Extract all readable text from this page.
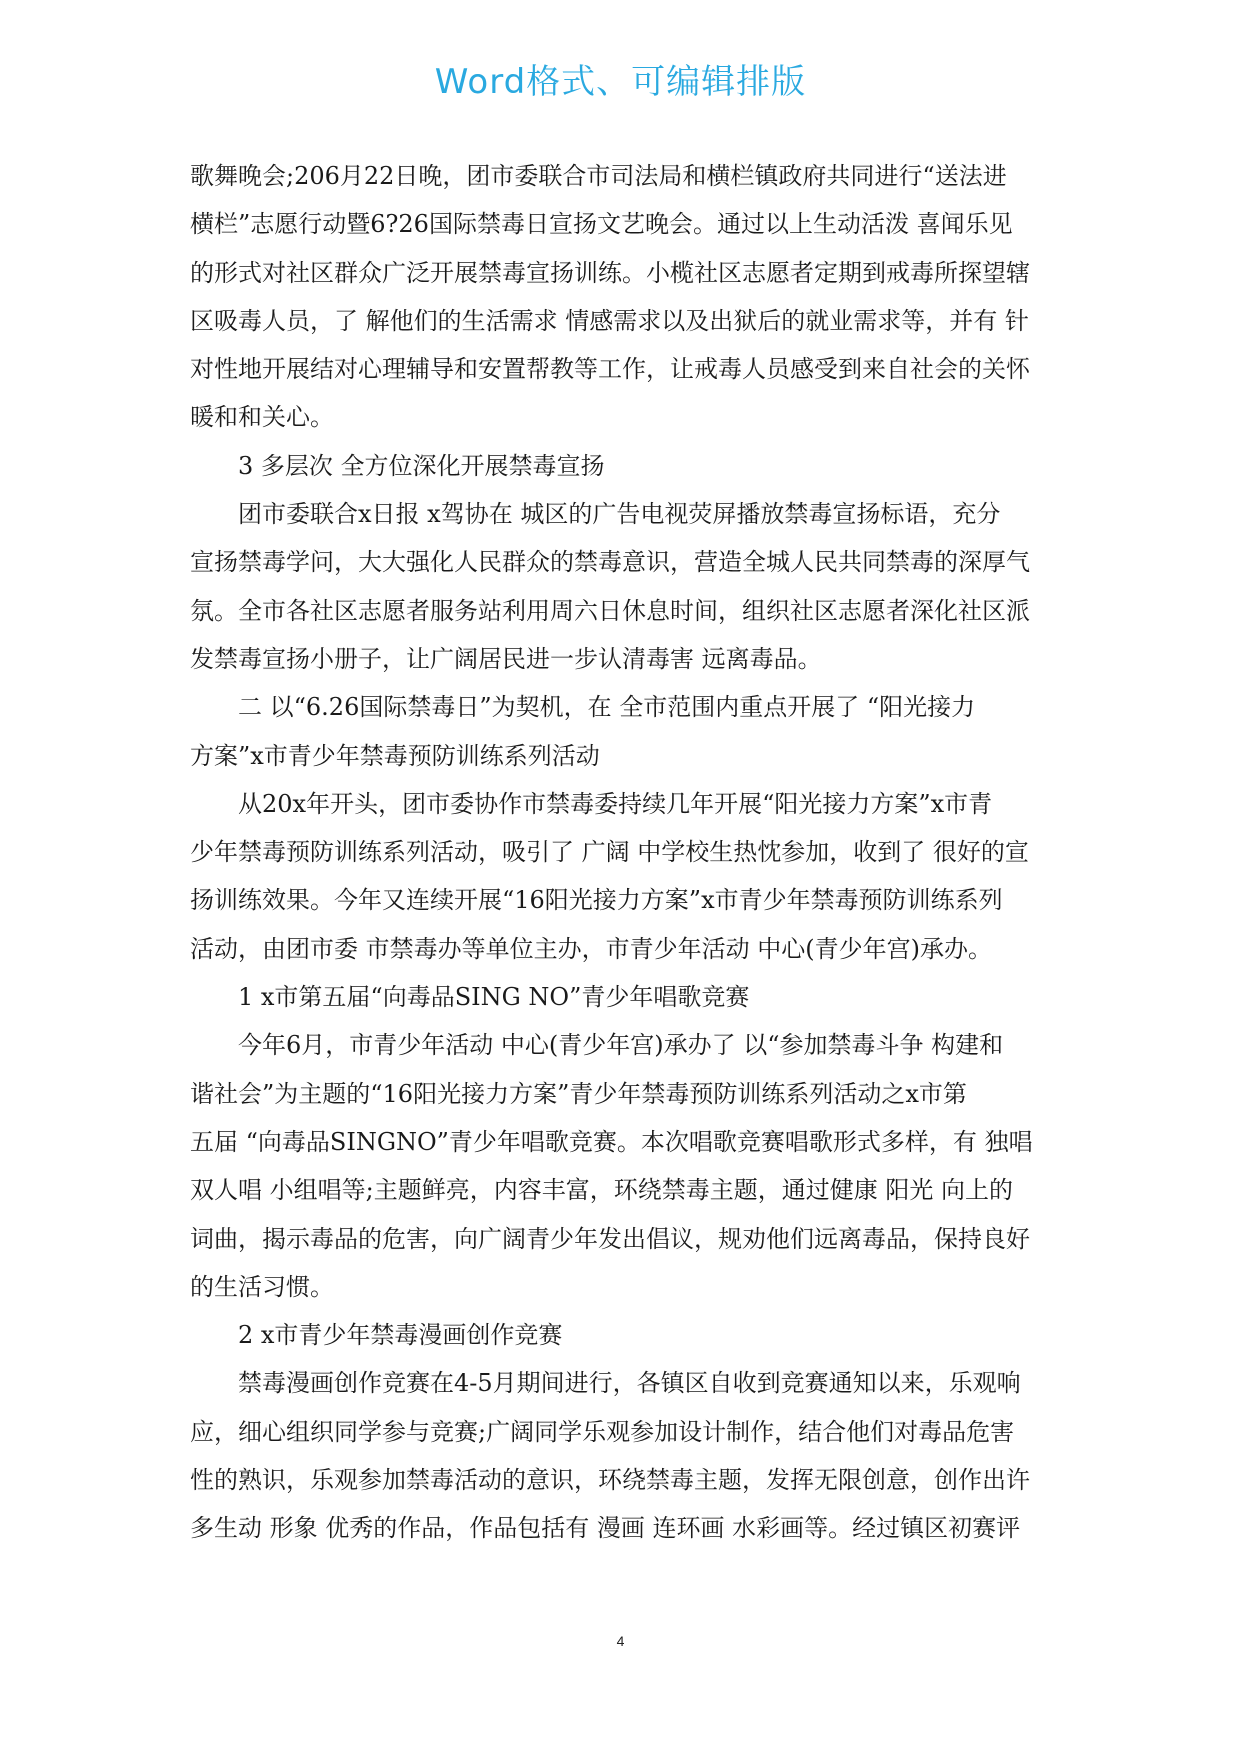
Word格式、可编辑排版
歌舞晚会;206月22日晚，团市委联合市司法局和横栏镇政府共同进行“送法进
横栏”志愿行动暨6?26国际禁毒日宣扬文艺晚会。通过以上生动活泼 喜闻乐见
的形式对社区群众广泛开展禁毒宣扬训练。小榄社区志愿者定期到戒毒所探望辖
区吸毒人员，了 解他们的生活需求 情感需求以及出狱后的就业需求等，并有 针
对性地开展结对心理辅导和安置帮教等工作，让戒毒人员感受到来自社会的关怀
暖和和关心。
3 多层次 全方位深化开展禁毒宣扬
团市委联合x日报 x驾协在 城区的广告电视荧屏播放禁毒宣扬标语，充分
宣扬禁毒学问，大大强化人民群众的禁毒意识，营造全城人民共同禁毒的深厚气
氛。全市各社区志愿者服务站利用周六日休息时间，组织社区志愿者深化社区派
发禁毒宣扬小册子，让广阔居民进一步认清毒害 远离毒品。
二 以“6.26国际禁毒日”为契机，在 全市范围内重点开展了 “阳光接力
方案”x市青少年禁毒预防训练系列活动
从20x年开头，团市委协作市禁毒委持续几年开展“阳光接力方案”x市青
少年禁毒预防训练系列活动，吸引了 广阔 中学校生热忱参加，收到了 很好的宣
扬训练效果。今年又连续开展“16阳光接力方案”x市青少年禁毒预防训练系列
活动，由团市委 市禁毒办等单位主办，市青少年活动 中心(青少年宫)承办。
1 x市第五届“向毒品SING NO”青少年唱歌竞赛
今年6月，市青少年活动 中心(青少年宫)承办了 以“参加禁毒斗争 构建和
谐社会”为主题的“16阳光接力方案”青少年禁毒预防训练系列活动之x市第
五届 “向毒品SINGNO”青少年唱歌竞赛。本次唱歌竞赛唱歌形式多样，有 独唱
双人唱 小组唱等;主题鲜亮，内容丰富，环绕禁毒主题，通过健康 阳光 向上的
词曲，揭示毒品的危害，向广阔青少年发出倡议，规劝他们远离毒品，保持良好
的生活习惯。
2 x市青少年禁毒漫画创作竞赛
禁毒漫画创作竞赛在4-5月期间进行，各镇区自收到竞赛通知以来，乐观响
应，细心组织同学参与竞赛;广阔同学乐观参加设计制作，结合他们对毒品危害
性的熟识，乐观参加禁毒活动的意识，环绕禁毒主题，发挥无限创意，创作出许
多生动 形象 优秀的作品，作品包括有 漫画 连环画 水彩画等。经过镇区初赛评
4
